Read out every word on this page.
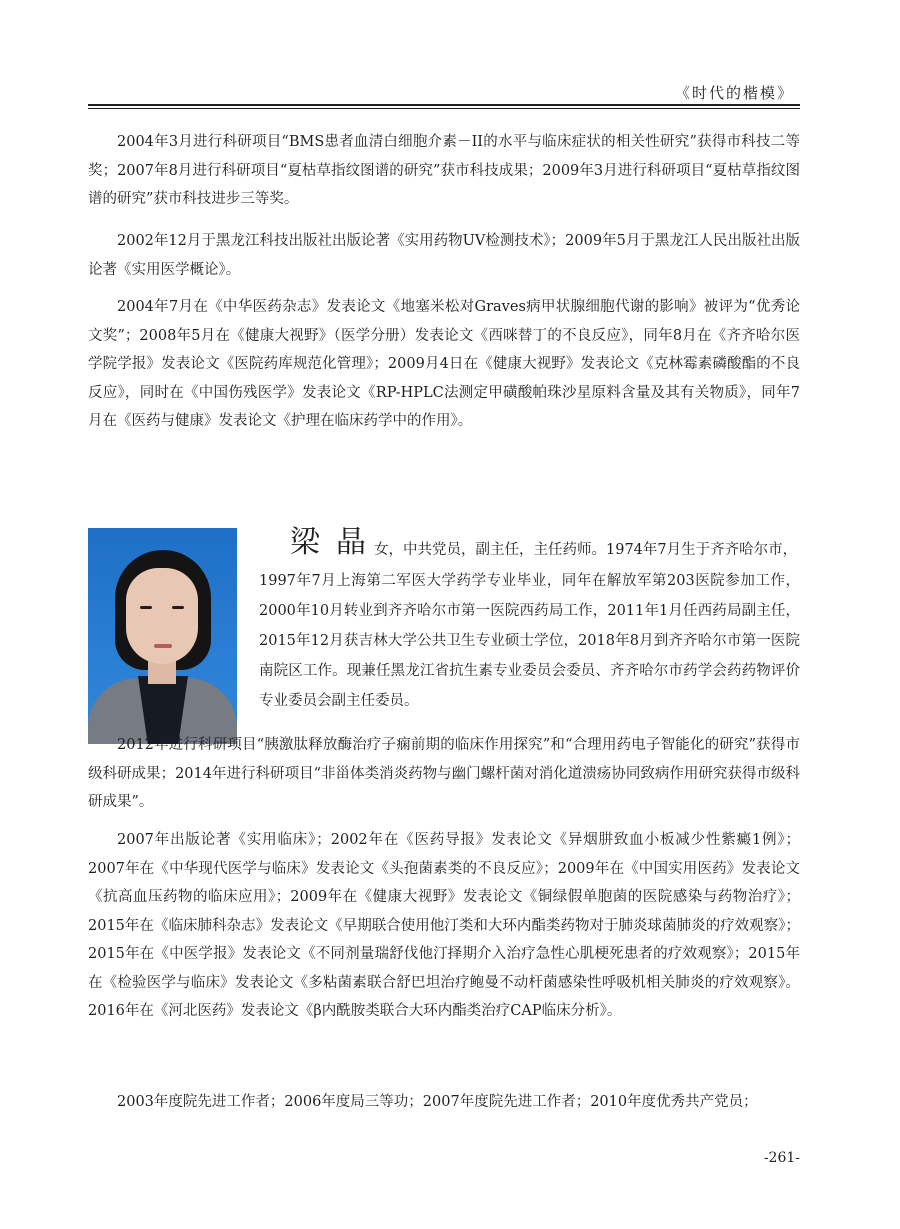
《时代的楷模》

2004年3月进行科研项目“BMS患者血清白细胞介素－II的水平与临床症状的相关性研究”获得市科技二等奖；2007年8月进行科研项目“夏枯草指纹图谱的研究”获市科技成果；2009年3月进行科研项目“夏枯草指纹图谱的研究”获市科技进步三等奖。

2002年12月于黑龙江科技出版社出版论著《实用药物UV检测技术》；2009年5月于黑龙江人民出版社出版论著《实用医学概论》。

2004年7月在《中华医药杂志》发表论文《地塞米松对Graves病甲状腺细胞代谢的影响》被评为“优秀论文奖”；2008年5月在《健康大视野》（医学分册）发表论文《西咪替丁的不良反应》，同年8月在《齐齐哈尔医学院学报》发表论文《医院药库规范化管理》；2009月4日在《健康大视野》发表论文《克林霉素磷酸酯的不良反应》，同时在《中国伤残医学》发表论文《RP-HPLC法测定甲磺酸帕珠沙星原料含量及其有关物质》，同年7月在《医药与健康》发表论文《护理在临床药学中的作用》。

梁晶

女，中共党员，副主任，主任药师。1974年7月生于齐齐哈尔市，

1997年7月上海第二军医大学药学专业毕业，同年在解放军第203医院参加工作，2000年10月转业到齐齐哈尔市第一医院西药局工作，2011年1月任西药局副主任，2015年12月获吉林大学公共卫生专业硕士学位，2018年8月到齐齐哈尔市第一医院南院区工作。现兼任黑龙江省抗生素专业委员会委员、齐齐哈尔市药学会药药物评价专业委员会副主任委员。

2012年进行科研项目“胰激肽释放酶治疗子痫前期的临床作用探究”和“合理用药电子智能化的研究”获得市级科研成果；2014年进行科研项目“非甾体类消炎药物与幽门螺杆菌对消化道溃疡协同致病作用研究获得市级科研成果”。

2007年出版论著《实用临床》；2002年在《医药导报》发表论文《异烟肼致血小板减少性紫癜1例》；2007年在《中华现代医学与临床》发表论文《头孢菌素类的不良反应》；2009年在《中国实用医药》发表论文《抗高血压药物的临床应用》；2009年在《健康大视野》发表论文《铜绿假单胞菌的医院感染与药物治疗》；2015年在《临床肺科杂志》发表论文《早期联合使用他汀类和大环内酯类药物对于肺炎球菌肺炎的疗效观察》；2015年在《中医学报》发表论文《不同剂量瑞舒伐他汀择期介入治疗急性心肌梗死患者的疗效观察》；2015年在《检验医学与临床》发表论文《多粘菌素联合舒巴坦治疗鲍曼不动杆菌感染性呼吸机相关肺炎的疗效观察》。2016年在《河北医药》发表论文《β内酰胺类联合大环内酯类治疗CAP临床分析》。

2003年度院先进工作者；2006年度局三等功；2007年度院先进工作者；2010年度优秀共产党员；

-261-
